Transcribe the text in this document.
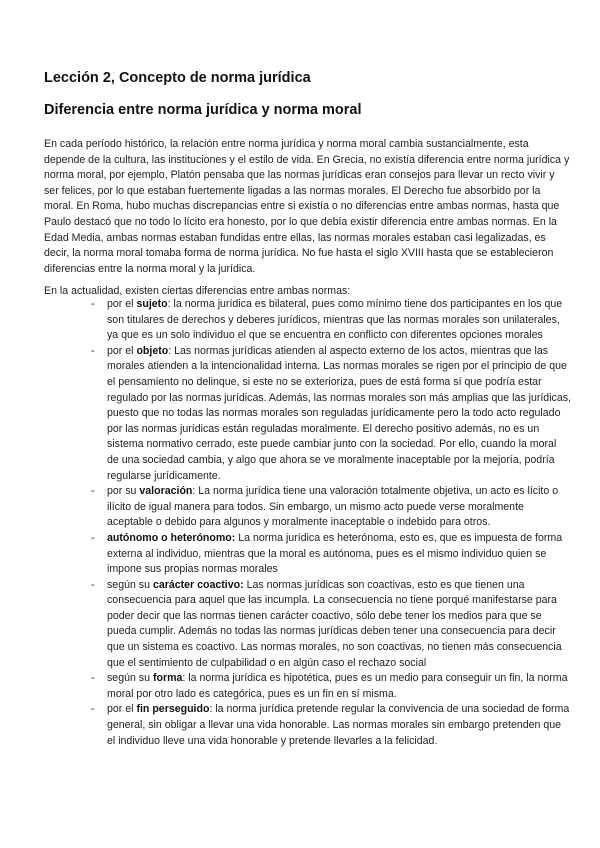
Lección 2, Concepto de norma jurídica
Diferencia entre norma jurídica y norma moral

En cada período histórico, la relación entre norma jurídica y norma moral cambia sustancialmente, esta depende de la cultura, las instituciones y el estilo de vida. En Grecia, no existía diferencia entre norma jurídica y norma moral, por ejemplo, Platón pensaba que las normas jurídicas eran consejos para llevar un recto vivir y ser felices, por lo que estaban fuertemente ligadas a las normas morales. El Derecho fue absorbido por la moral. En Roma, hubo muchas discrepancias entre si existía o no diferencias entre ambas normas, hasta que Paulo destacó que no todo lo lícito era honesto, por lo que debía existir diferencia entre ambas normas. En la Edad Media, ambas normas estaban fundidas entre ellas, las normas morales estaban casi legalizadas, es decir, la norma moral tomaba forma de norma jurídica. No fue hasta el siglo XVIII hasta que se establecieron diferencias entre la norma moral y la jurídica.

En la actualidad, existen ciertas diferencias entre ambas normas:

- por el sujeto: la norma jurídica es bilateral, pues como mínimo tiene dos participantes en los que son titulares de derechos y deberes jurídicos, mientras que las normas morales son unilaterales, ya que es un solo individuo el que se encuentra en conflicto con diferentes opciones morales
- por el objeto: Las normas jurídicas atienden al aspecto externo de los actos, mientras que las morales atienden a la intencionalidad interna. Las normas morales se rigen por el principio de que el pensamiento no delinque, si este no se exterioriza, pues de está forma sí que podría estar regulado por las normas jurídicas. Además, las normas morales son más amplias que las jurídicas, puesto que no todas las normas morales son reguladas jurídicamente pero la todo acto regulado por las normas jurídicas están reguladas moralmente. El derecho positivo además, no es un sistema normativo cerrado, este puede cambiar junto con la sociedad. Por ello, cuando la moral de una sociedad cambia, y algo que ahora se ve moralmente inaceptable por la mejoría, podría regularse jurídicamente.
- por su valoración: La norma jurídica tiene una valoración totalmente objetiva, un acto es lícito o ilícito de igual manera para todos. Sin embargo, un mismo acto puede verse moralmente aceptable o debido para algunos y moralmente inaceptable o indebido para otros.
- autónomo o heterónomo: La norma jurídica es heterónoma, esto es, que es impuesta de forma externa al individuo, mientras que la moral es autónoma, pues es el mismo individuo quien se impone sus propias normas morales
- según su carácter coactivo: Las normas jurídicas son coactivas, esto es que tienen una consecuencia para aquel que las incumpla. La consecuencia no tiene porqué manifestarse para poder decir que las normas tienen carácter coactivo, sólo debe tener los medios para que se pueda cumplir. Además no todas las normas jurídicas deben tener una consecuencia para decir que un sistema es coactivo. Las normas morales, no son coactivas, no tienen más consecuencia que el sentimiento de culpabilidad o en algún caso el rechazo social
- según su forma: la norma jurídica es hipotética, pues es un medio para conseguir un fin, la norma moral por otro lado es categórica, pues es un fin en sí misma.
- por el fin perseguido: la norma jurídica pretende regular la convivencia de una sociedad de forma general, sin obligar a llevar una vida honorable. Las normas morales sin embargo pretenden que el individuo lleve una vida honorable y pretende llevarles a la felicidad.
